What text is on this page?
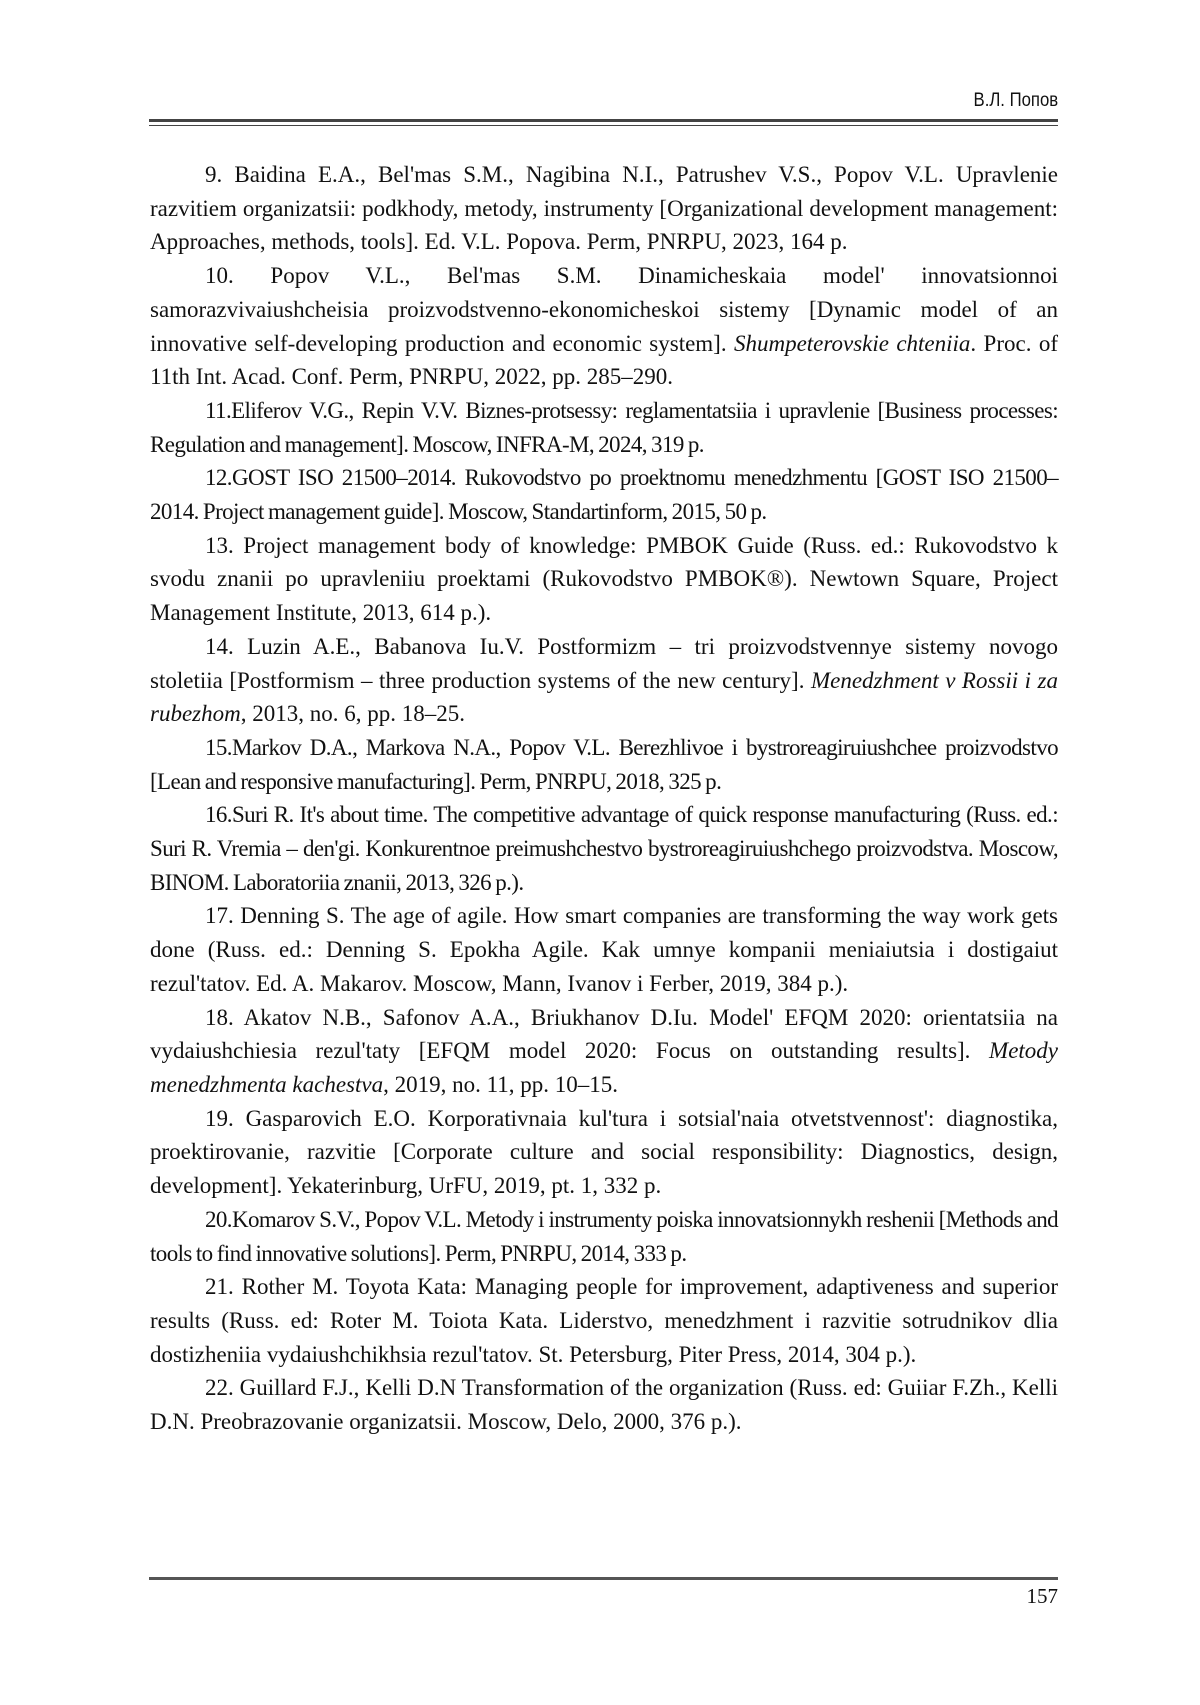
В.Л. Попов

9. Baidina E.A., Bel'mas S.M., Nagibina N.I., Patrushev V.S., Popov V.L. Upravlenie razvitiem organizatsii: podkhody, metody, instrumenty [Organizational development management: Approaches, methods, tools]. Ed. V.L. Popova. Perm, PNRPU, 2023, 164 p.

10. Popov V.L., Bel'mas S.M. Dinamicheskaia model' innovatsionnoi samorazvivaiushcheisia proizvodstvenno-ekonomicheskoi sistemy [Dynamic model of an innovative self-developing production and economic system]. Shumpeterovskie chteniia. Proc. of 11th Int. Acad. Conf. Perm, PNRPU, 2022, pp. 285–290.

11.Eliferov V.G., Repin V.V. Biznes-protsessy: reglamentatsiia i upravlenie [Business processes: Regulation and management]. Moscow, INFRA-M, 2024, 319 p.

12.GOST ISO 21500–2014. Rukovodstvo po proektnomu menedzhmentu [GOST ISO 21500–2014. Project management guide]. Moscow, Standartinform, 2015, 50 p.

13. Project management body of knowledge: PMBOK Guide (Russ. ed.: Rukovodstvo k svodu znanii po upravleniiu proektami (Rukovodstvo PMBOK®). Newtown Square, Project Management Institute, 2013, 614 p.).

14. Luzin A.E., Babanova Iu.V. Postformizm – tri proizvodstvennye sistemy novogo stoletiia [Postformism – three production systems of the new century]. Menedzhment v Rossii i za rubezhom, 2013, no. 6, pp. 18–25.

15.Markov D.A., Markova N.A., Popov V.L. Berezhlivoe i bystroreagiruiushchee proizvodstvo [Lean and responsive manufacturing]. Perm, PNRPU, 2018, 325 p.

16.Suri R. It's about time. The competitive advantage of quick response manufacturing (Russ. ed.: Suri R. Vremia – den'gi. Konkurentnoe preimushchestvo bystroreagiruiushchego proizvodstva. Moscow, BINOM. Laboratoriia znanii, 2013, 326 p.).

17. Denning S. The age of agile. How smart companies are transforming the way work gets done (Russ. ed.: Denning S. Epokha Agile. Kak umnye kompanii meniaiutsia i dostigaiut rezul'tatov. Ed. A. Makarov. Moscow, Mann, Ivanov i Ferber, 2019, 384 p.).

18. Akatov N.B., Safonov A.A., Briukhanov D.Iu. Model' EFQM 2020: orientatsiia na vydaiushchiesia rezul'taty [EFQM model 2020: Focus on outstanding results]. Metody menedzhmenta kachestva, 2019, no. 11, pp. 10–15.

19. Gasparovich E.O. Korporativnaia kul'tura i sotsial'naia otvetstvennost': diagnostika, proektirovanie, razvitie [Corporate culture and social responsibility: Diagnostics, design, development]. Yekaterinburg, UrFU, 2019, pt. 1, 332 p.

20.Komarov S.V., Popov V.L. Metody i instrumenty poiska innovatsionnykh reshenii [Methods and tools to find innovative solutions]. Perm, PNRPU, 2014, 333 p.

21. Rother M. Toyota Kata: Managing people for improvement, adaptiveness and superior results (Russ. ed: Roter M. Toiota Kata. Liderstvo, menedzhment i razvitie sotrudnikov dlia dostizheniia vydaiushchikhsia rezul'tatov. St. Petersburg, Piter Press, 2014, 304 p.).

22. Guillard F.J., Kelli D.N Transformation of the organization (Russ. ed: Guiiar F.Zh., Kelli D.N. Preobrazovanie organizatsii. Moscow, Delo, 2000, 376 p.).

157
